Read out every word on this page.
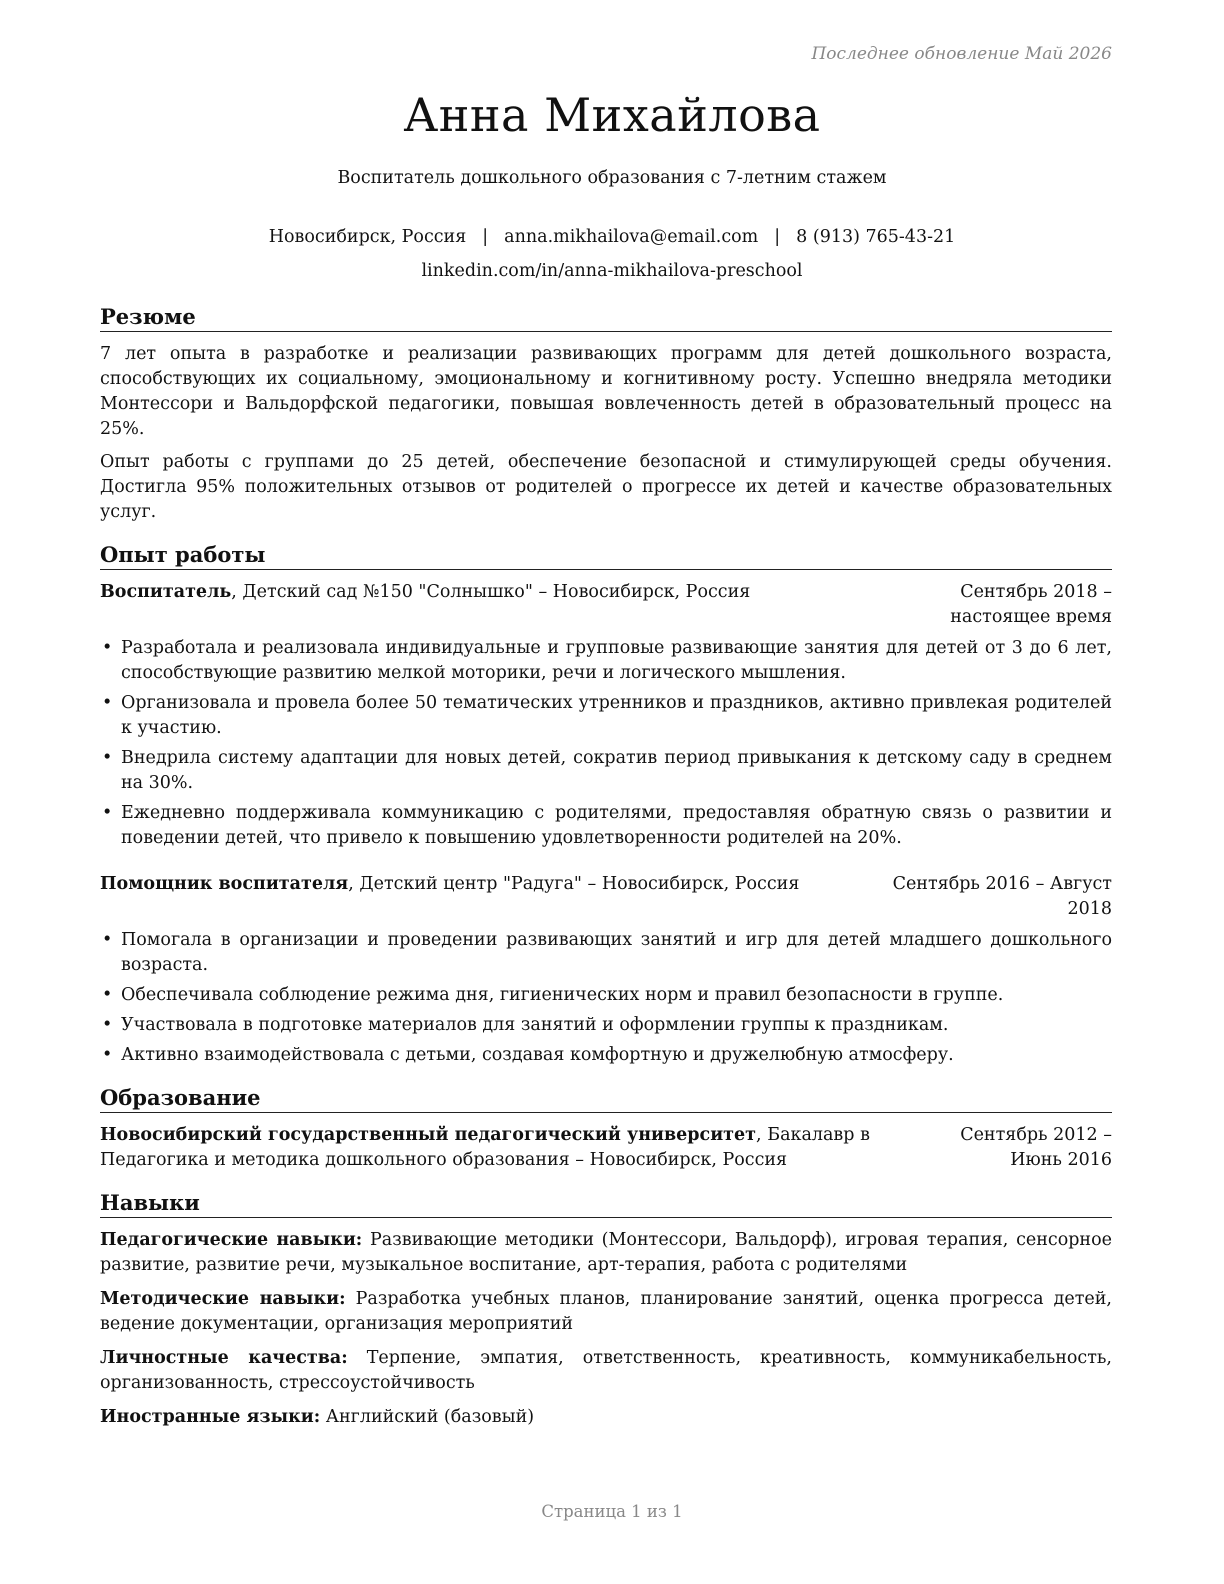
Последнее обновление Май 2026
Анна Михайлова
Воспитатель дошкольного образования с 7-летним стажем
Новосибирск, Россия | anna.mikhailova@email.com | 8 (913) 765-43-21
linkedin.com/in/anna-mikhailova-preschool
Резюме

7 лет опыта в разработке и реализации развивающих программ для детей дошкольного возраста, способствующих их социальному, эмоциональному и когнитивному росту. Успешно внедряла методики Монтессори и Вальдорфской педагогики, повышая вовлеченность детей в образовательный процесс на 25%.

Опыт работы с группами до 25 детей, обеспечение безопасной и стимулирующей среды обучения. Достигла 95% положительных отзывов от родителей о прогрессе их детей и качестве образовательных услуг.

Опыт работы
Воспитатель, Детский сад №150 "Солнышко" – Новосибирск, Россия	Сентябрь 2018 – настоящее время
• Разработала и реализовала индивидуальные и групповые развивающие занятия для детей от 3 до 6 лет, способствующие развитию мелкой моторики, речи и логического мышления.
• Организовала и провела более 50 тематических утренников и праздников, активно привлекая родителей к участию.
• Внедрила систему адаптации для новых детей, сократив период привыкания к детскому саду в среднем на 30%.
• Ежедневно поддерживала коммуникацию с родителями, предоставляя обратную связь о развитии и поведении детей, что привело к повышению удовлетворенности родителей на 20%.
Помощник воспитателя, Детский центр "Радуга" – Новосибирск, Россия	Сентябрь 2016 – Август 2018
• Помогала в организации и проведении развивающих занятий и игр для детей младшего дошкольного возраста.
• Обеспечивала соблюдение режима дня, гигиенических норм и правил безопасности в группе.
• Участвовала в подготовке материалов для занятий и оформлении группы к праздникам.
• Активно взаимодействовала с детьми, создавая комфортную и дружелюбную атмосферу.
Образование
Новосибирский государственный педагогический университет, Бакалавр в Педагогика и методика дошкольного образования – Новосибирск, Россия
Сентябрь 2012 – Июнь 2016
Навыки

Педагогические навыки: Развивающие методики (Монтессори, Вальдорф), игровая терапия, сенсорное развитие, развитие речи, музыкальное воспитание, арт-терапия, работа с родителями

Методические навыки: Разработка учебных планов, планирование занятий, оценка прогресса детей, ведение документации, организация мероприятий

Личностные качества: Терпение, эмпатия, ответственность, креативность, коммуникабельность, организованность, стрессоустойчивость

Иностранные языки: Английский (базовый)

Страница 1 из 1
